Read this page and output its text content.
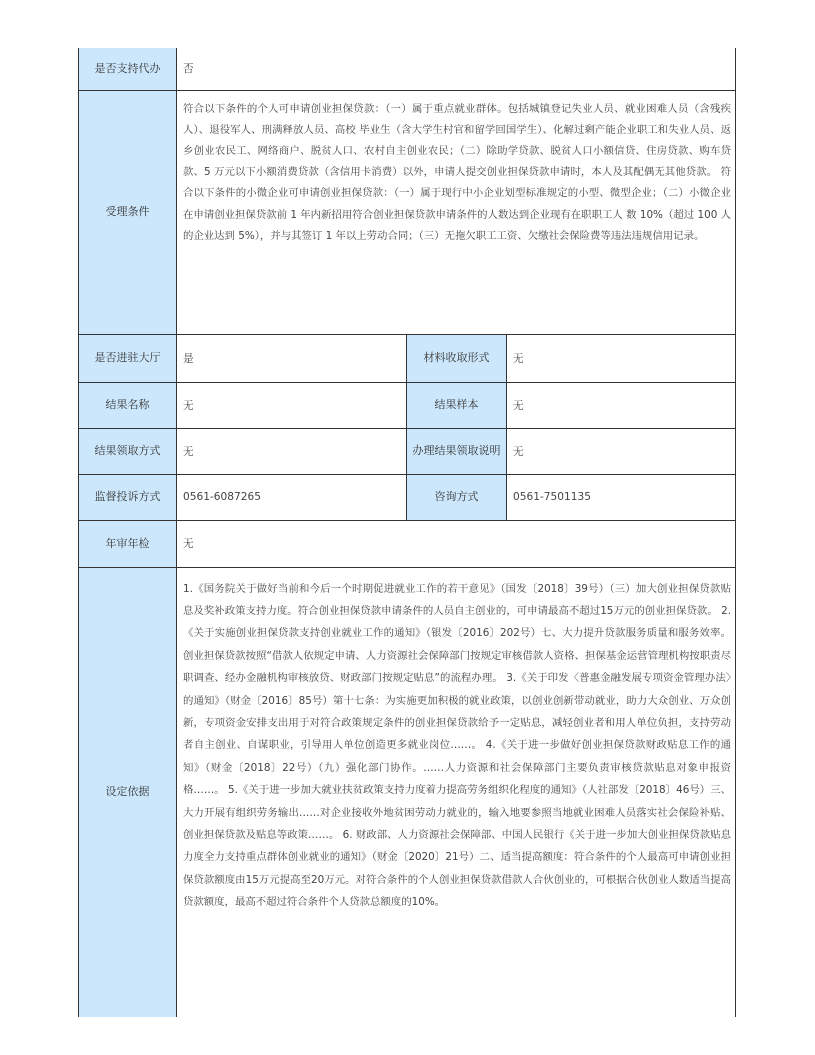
是否支持代办	否		
受理条件	符合以下条件的个人可申请创业担保贷款：（一）属于重点就业群体。包括城镇登记失业人员、就业困难人员（含残疾人）、退役军人、刑满释放人员、高校 毕业生（含大学生村官和留学回国学生）、化解过剩产能企业职工和失业人员、返乡创业农民工、网络商户、脱贫人口、农村自主创业农民；（二）除助学贷款、脱贫人口小额信贷、住房贷款、购车贷款、5 万元以下小额消费贷款（含信用卡消费）以外，申请人提交创业担保贷款申请时，本人及其配偶无其他贷款。 符合以下条件的小微企业可申请创业担保贷款：（一）属于现行中小企业划型标准规定的小型、微型企业；（二）小微企业在申请创业担保贷款前 1 年内新招用符合创业担保贷款申请条件的人数达到企业现有在职职工人 数 10%（超过 100 人的企业达到 5%），并与其签订 1 年以上劳动合同；（三）无拖欠职工工资、欠缴社会保险费等违法违规信用记录。		
是否进驻大厅	是	材料收取形式	无
结果名称	无	结果样本	无
结果领取方式	无	办理结果领取说明	无
监督投诉方式	0561-6087265	咨询方式	0561-7501135
年审年检	无		
设定依据	1.《国务院关于做好当前和今后一个时期促进就业工作的若干意见》（国发〔2018〕39号）（三）加大创业担保贷款贴息及奖补政策支持力度。符合创业担保贷款申请条件的人员自主创业的，可申请最高不超过15万元的创业担保贷款。 2.《关于实施创业担保贷款支持创业就业工作的通知》（银发〔2016〕202号）七、大力提升贷款服务质量和服务效率。创业担保贷款按照“借款人依规定申请、人力资源社会保障部门按规定审核借款人资格、担保基金运营管理机构按职责尽职调查、经办金融机构审核放贷、财政部门按规定贴息”的流程办理。 3.《关于印发〈普惠金融发展专项资金管理办法〉的通知》（财金〔2016〕85号）第十七条：为实施更加积极的就业政策，以创业创新带动就业，助力大众创业、万众创新，专项资金安排支出用于对符合政策规定条件的创业担保贷款给予一定贴息，减轻创业者和用人单位负担，支持劳动者自主创业、自谋职业，引导用人单位创造更多就业岗位……。 4.《关于进一步做好创业担保贷款财政贴息工作的通知》（财金〔2018〕22号）（九）强化部门协作。……人力资源和社会保障部门主要负责审核贷款贴息对象申报资格……。 5.《关于进一步加大就业扶贫政策支持力度着力提高劳务组织化程度的通知》（人社部发〔2018〕46号）三、大力开展有组织劳务输出……对企业接收外地贫困劳动力就业的，输入地要参照当地就业困难人员落实社会保险补贴、创业担保贷款及贴息等政策……。 6. 财政部、人力资源社会保障部、中国人民银行《关于进一步加大创业担保贷款贴息力度全力支持重点群体创业就业的通知》（财金〔2020〕21号）二、适当提高额度：符合条件的个人最高可申请创业担保贷款额度由15万元提高至20万元。对符合条件的个人创业担保贷款借款人合伙创业的，可根据合伙创业人数适当提高贷款额度，最高不超过符合条件个人贷款总额度的10%。		
